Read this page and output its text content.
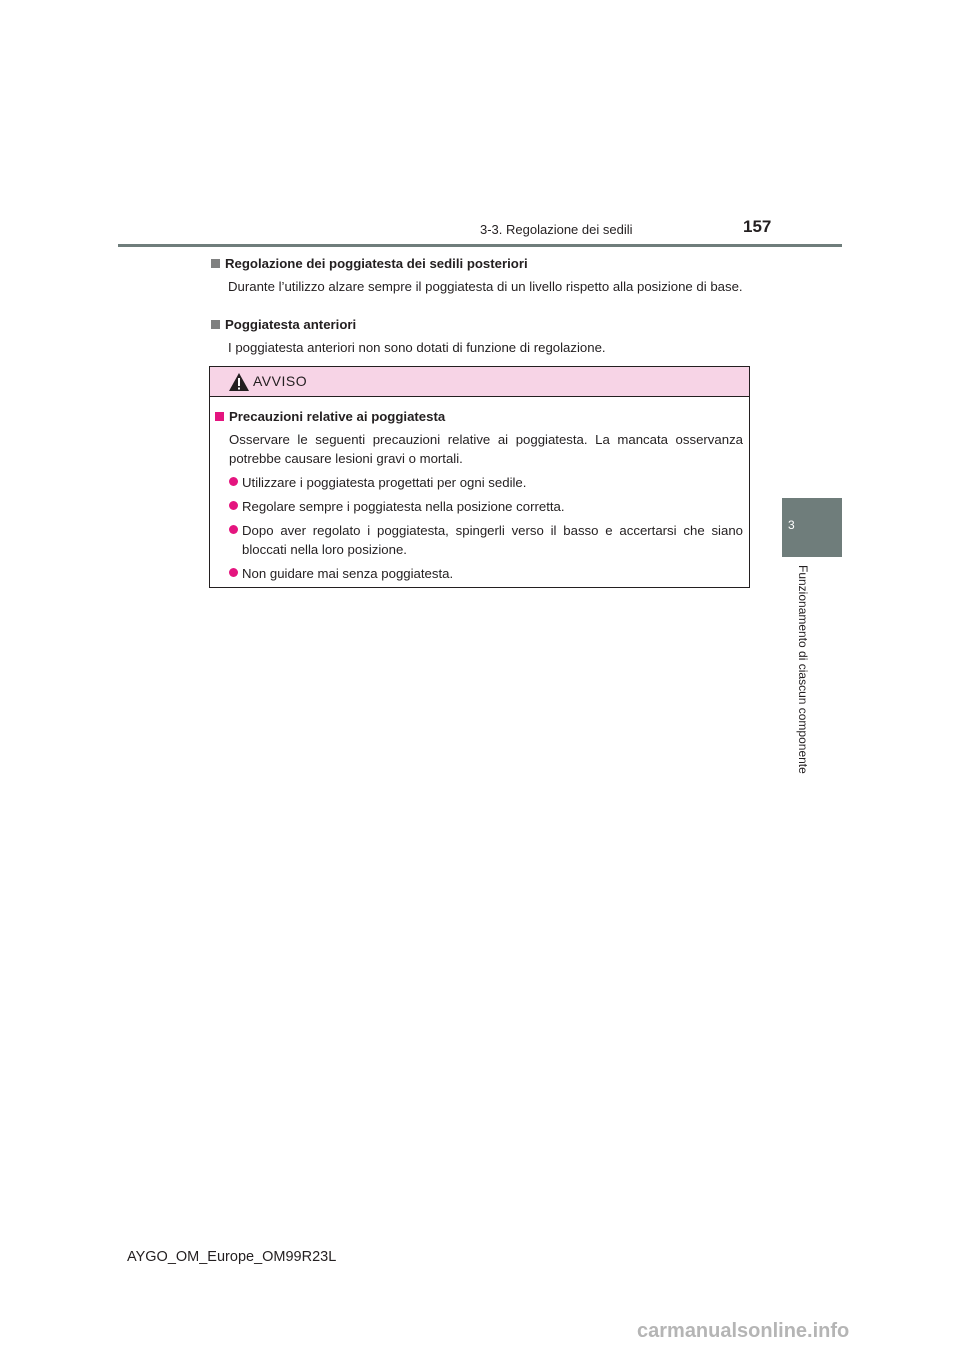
3-3. Regolazione dei sedili	157
3
Funzionamento di ciascun componente
Regolazione dei poggiatesta dei sedili posteriori
Durante l’utilizzo alzare sempre il poggiatesta di un livello rispetto alla posizione di base.
Poggiatesta anteriori
I poggiatesta anteriori non sono dotati di funzione di regolazione.
AVVISO
Precauzioni relative ai poggiatesta
Osservare le seguenti precauzioni relative ai poggiatesta. La mancata osservanza potrebbe causare lesioni gravi o mortali.
Utilizzare i poggiatesta progettati per ogni sedile.
Regolare sempre i poggiatesta nella posizione corretta.
Dopo aver regolato i poggiatesta, spingerli verso il basso e accertarsi che siano bloccati nella loro posizione.
Non guidare mai senza poggiatesta.
AYGO_OM_Europe_OM99R23L
carmanualsonline.info
